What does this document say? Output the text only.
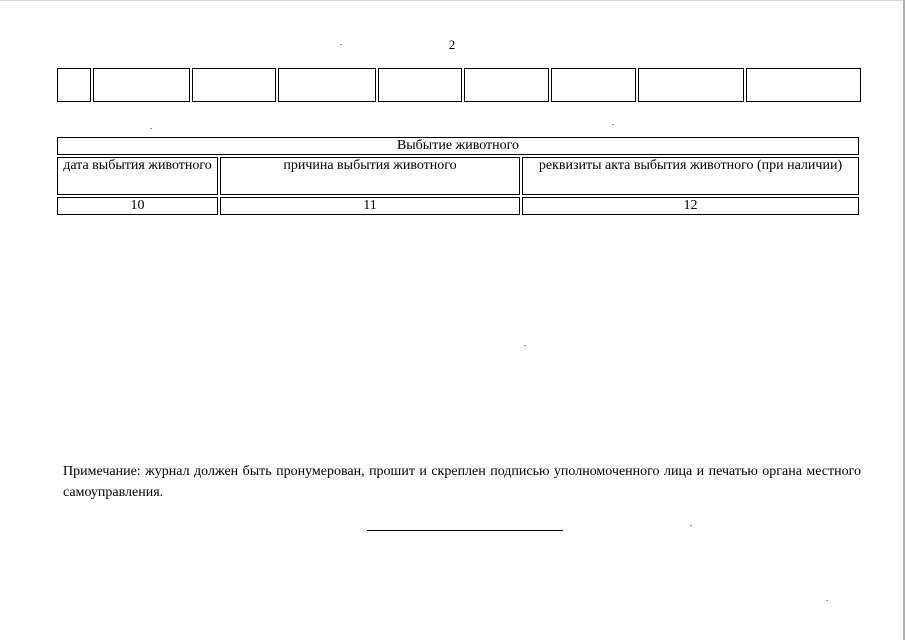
2
Выбытие животного		
дата выбытия животного	причина выбытия животного	реквизиты акта выбытия животного (при наличии)
10	11	12
Примечание: журнал должен быть пронумерован, прошит и скреплен подписью уполномоченного лица и печатью органа местного самоуправления.
